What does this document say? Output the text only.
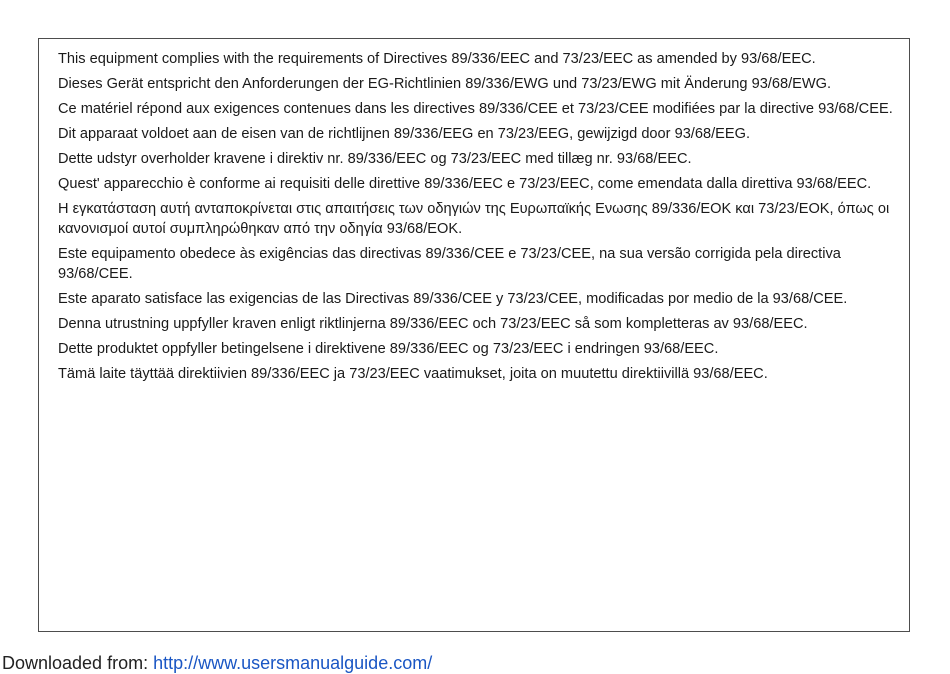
This equipment complies with the requirements of Directives 89/336/EEC and 73/23/EEC as amended by 93/68/EEC.

Dieses Gerät entspricht den Anforderungen der EG-Richtlinien 89/336/EWG und 73/23/EWG mit Änderung 93/68/EWG.

Ce matériel répond aux exigences contenues dans les directives 89/336/CEE et 73/23/CEE modifiées par la directive 93/68/CEE.

Dit apparaat voldoet aan de eisen van de richtlijnen 89/336/EEG en 73/23/EEG, gewijzigd door 93/68/EEG.

Dette udstyr overholder kravene i direktiv nr. 89/336/EEC og 73/23/EEC med tillæg nr. 93/68/EEC.

Quest' apparecchio è conforme ai requisiti delle direttive 89/336/EEC e 73/23/EEC, come emendata dalla direttiva 93/68/EEC.

Η εγκατάσταση αυτή ανταποκρίνεται στις απαιτήσεις των οδηγιών της Ευρωπαϊκής Ενωσης 89/336/ΕΟΚ και 73/23/ΕΟΚ, όπως οι κανονισμοί αυτοί συμπληρώθηκαν από την οδηγία 93/68/ΕΟΚ.

Este equipamento obedece às exigências das directivas 89/336/CEE e 73/23/CEE, na sua versão corrigida pela directiva 93/68/CEE.

Este aparato satisface las exigencias de las Directivas 89/336/CEE y 73/23/CEE, modificadas por medio de la 93/68/CEE.

Denna utrustning uppfyller kraven enligt riktlinjerna 89/336/EEC och 73/23/EEC så som kompletteras av 93/68/EEC.

Dette produktet oppfyller betingelsene i direktivene 89/336/EEC og 73/23/EEC i endringen 93/68/EEC.

Tämä laite täyttää direktiivien 89/336/EEC ja 73/23/EEC vaatimukset, joita on muutettu direktiivillä 93/68/EEC.

Downloaded from: http://www.usersmanualguide.com/
